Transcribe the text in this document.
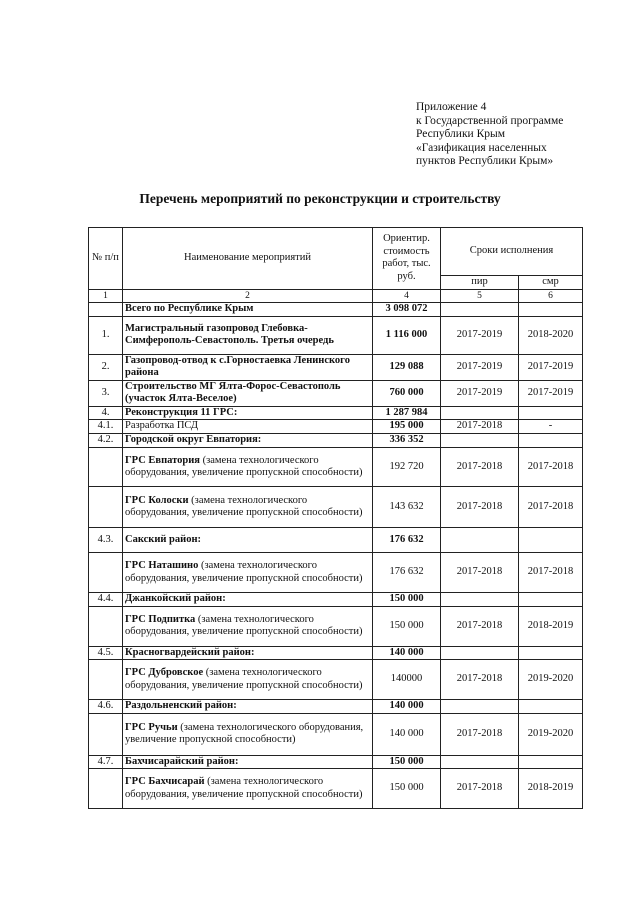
Приложение 4
к Государственной программе
Республики Крым
«Газификация населенных
пунктов Республики Крым»
Перечень мероприятий по реконструкции и строительству
№ п/п	Наименование мероприятий	Ориентир. стоимость работ, тыс. руб.	Сроки исполнения	
			пир	смр
1	2	4	5	6
	Всего по Республике Крым	3 098 072		
1.	Магистральный газопровод Глебовка-Симферополь-Севастополь. Третья очередь	1 116 000	2017-2019	2018-2020
2.	Газопровод-отвод к с.Горностаевка Ленинского района	129 088	2017-2019	2017-2019
3.	Строительство МГ Ялта-Форос-Севастополь (участок Ялта-Веселое)	760 000	2017-2019	2017-2019
4.	Реконструкция 11 ГРС:	1 287 984		
4.1.	Разработка ПСД	195 000	2017-2018	-
4.2.	Городской округ Евпатория:	336 352		
	ГРС Евпатория (замена технологического оборудования, увеличение пропускной способности)	192 720	2017-2018	2017-2018
	ГРС Колоски (замена технологического оборудования, увеличение пропускной способности)	143 632	2017-2018	2017-2018
4.3.	Сакский район:	176 632		
	ГРС Наташино (замена технологического оборудования, увеличение пропускной способности)	176 632	2017-2018	2017-2018
4.4.	Джанкойский район:	150 000		
	ГРС Подпитка (замена технологического оборудования, увеличение пропускной способности)	150 000	2017-2018	2018-2019
4.5.	Красногвардейский район:	140 000		
	ГРС Дубровское (замена технологического оборудования, увеличение пропускной способности)	140000	2017-2018	2019-2020
4.6.	Раздольненский район:	140 000		
	ГРС Ручьи (замена технологического оборудования, увеличение пропускной способности)	140 000	2017-2018	2019-2020
4.7.	Бахчисарайский район:	150 000		
	ГРС Бахчисарай (замена технологического оборудования, увеличение пропускной способности)	150 000	2017-2018	2018-2019
